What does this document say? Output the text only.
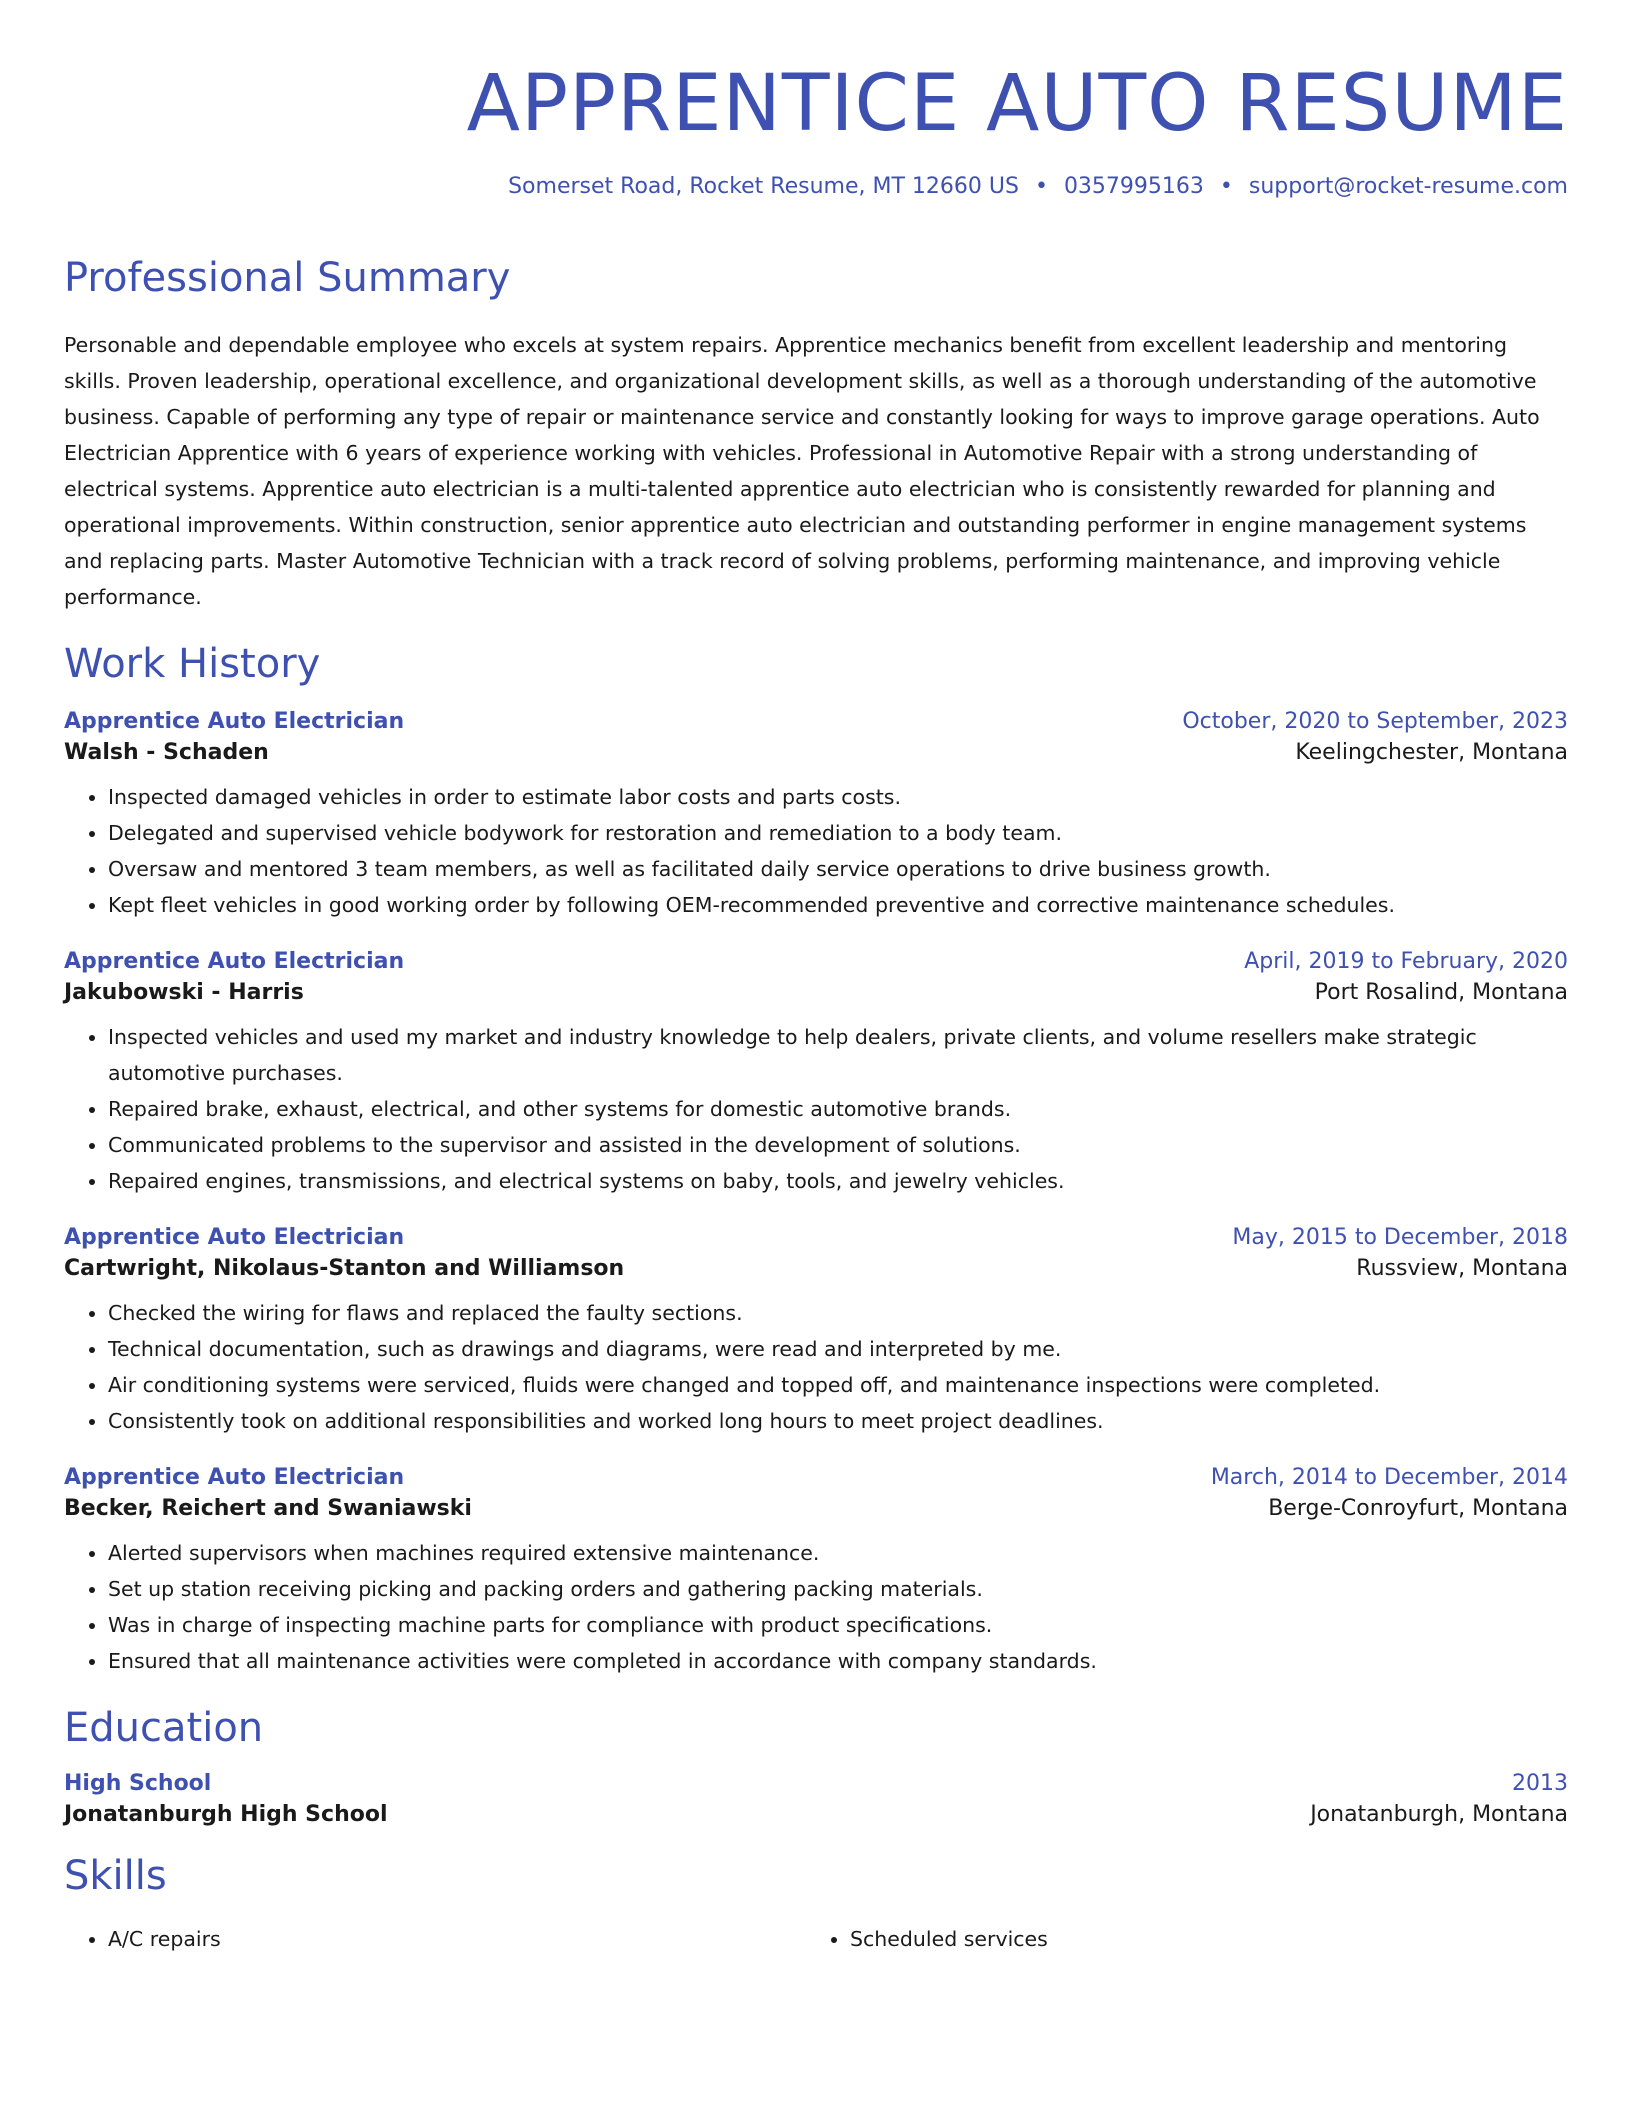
APPRENTICE AUTO RESUME
Somerset Road, Rocket Resume, MT 12660 US • 0357995163 • support@rocket-resume.com
Professional Summary
Personable and dependable employee who excels at system repairs. Apprentice mechanics benefit from excellent leadership and mentoring skills. Proven leadership, operational excellence, and organizational development skills, as well as a thorough understanding of the automotive business. Capable of performing any type of repair or maintenance service and constantly looking for ways to improve garage operations. Auto Electrician Apprentice with 6 years of experience working with vehicles. Professional in Automotive Repair with a strong understanding of electrical systems. Apprentice auto electrician is a multi-talented apprentice auto electrician who is consistently rewarded for planning and operational improvements. Within construction, senior apprentice auto electrician and outstanding performer in engine management systems and replacing parts. Master Automotive Technician with a track record of solving problems, performing maintenance, and improving vehicle performance.
Work History
Apprentice Auto Electrician	October, 2020 to September, 2023
Walsh - Schaden	Keelingchester, Montana
• Inspected damaged vehicles in order to estimate labor costs and parts costs.
• Delegated and supervised vehicle bodywork for restoration and remediation to a body team.
• Oversaw and mentored 3 team members, as well as facilitated daily service operations to drive business growth.
• Kept fleet vehicles in good working order by following OEM-recommended preventive and corrective maintenance schedules.
Apprentice Auto Electrician	April, 2019 to February, 2020
Jakubowski - Harris	Port Rosalind, Montana
• Inspected vehicles and used my market and industry knowledge to help dealers, private clients, and volume resellers make strategic automotive purchases.
• Repaired brake, exhaust, electrical, and other systems for domestic automotive brands.
• Communicated problems to the supervisor and assisted in the development of solutions.
• Repaired engines, transmissions, and electrical systems on baby, tools, and jewelry vehicles.
Apprentice Auto Electrician	May, 2015 to December, 2018
Cartwright, Nikolaus-Stanton and Williamson	Russview, Montana
• Checked the wiring for flaws and replaced the faulty sections.
• Technical documentation, such as drawings and diagrams, were read and interpreted by me.
• Air conditioning systems were serviced, fluids were changed and topped off, and maintenance inspections were completed.
• Consistently took on additional responsibilities and worked long hours to meet project deadlines.
Apprentice Auto Electrician	March, 2014 to December, 2014
Becker, Reichert and Swaniawski	Berge-Conroyfurt, Montana
• Alerted supervisors when machines required extensive maintenance.
• Set up station receiving picking and packing orders and gathering packing materials.
• Was in charge of inspecting machine parts for compliance with product specifications.
• Ensured that all maintenance activities were completed in accordance with company standards.
Education
High School	2013
Jonatanburgh High School	Jonatanburgh, Montana
Skills
• A/C repairs
•	Scheduled services
